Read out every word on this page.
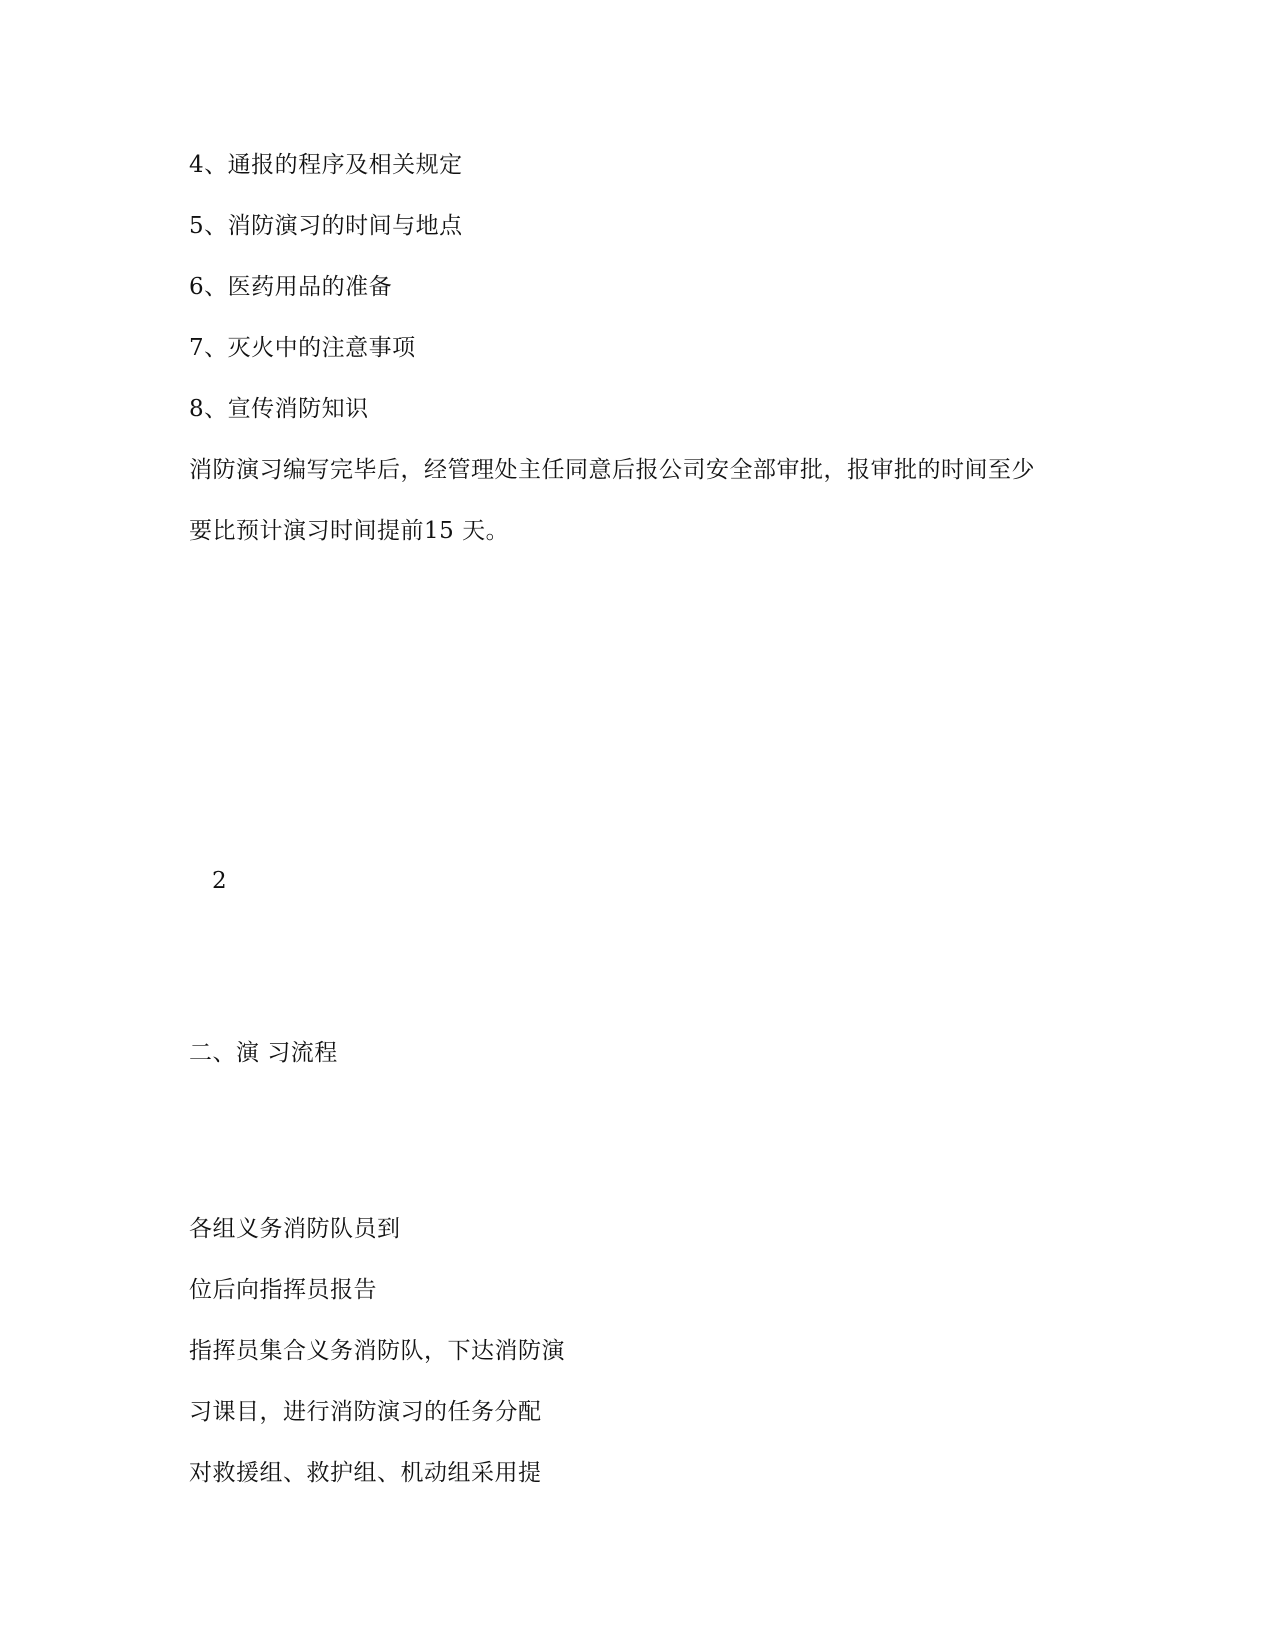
4、通报的程序及相关规定
5、消防演习的时间与地点
6、医药用品的准备
7、灭火中的注意事项
8、宣传消防知识
消防演习编写完毕后，经管理处主任同意后报公司安全部审批，报审批的时间至少
要比预计演习时间提前15 天。
2
二、演 习流程
各组义务消防队员到
位后向指挥员报告
指挥员集合义务消防队，下达消防演
习课目，进行消防演习的任务分配
对救援组、救护组、机动组采用提
